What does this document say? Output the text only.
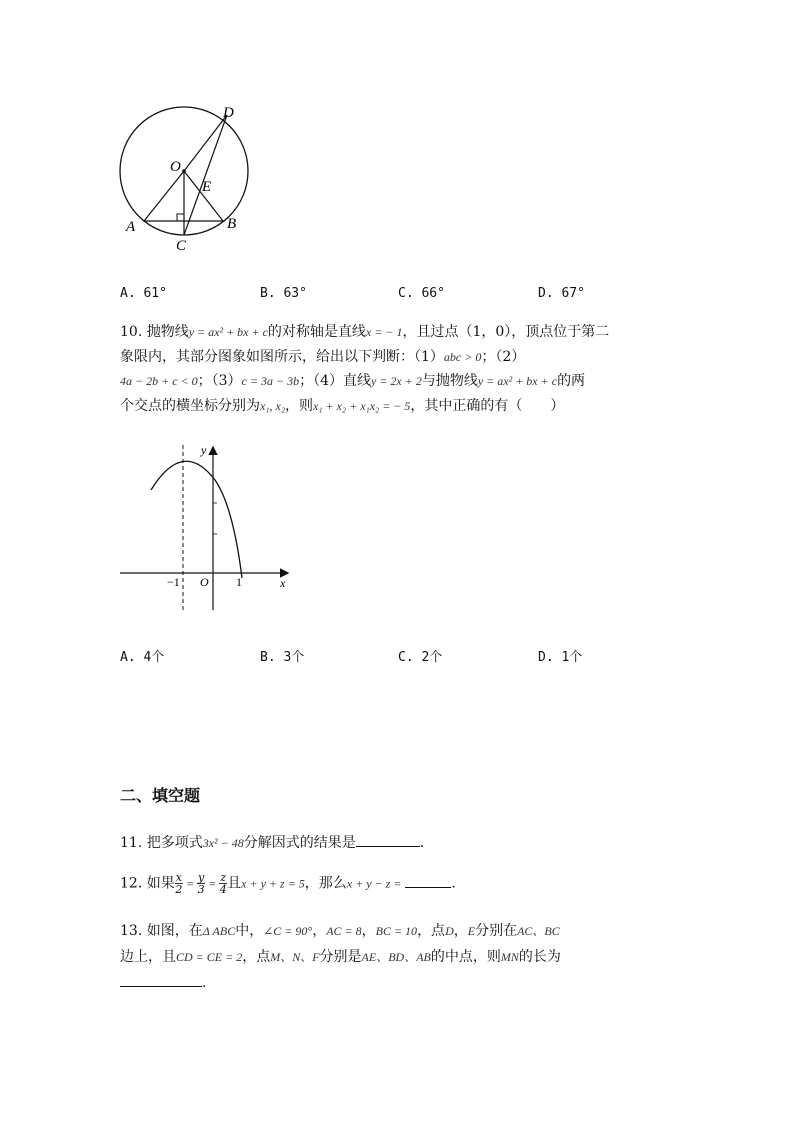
D
O
E
A	B
C
A. 61°	B. 63°	C. 66°	D. 67°
10. 抛物线y = ax² + bx + c的对称轴是直线x = − 1，且过点（1，0），顶点位于第二
象限内，其部分图象如图所示，给出以下判断：（1）abc > 0；（2）
4a − 2b + c < 0；（3）c = 3a − 3b；（4）直线y = 2x + 2与抛物线y = ax² + bx + c的两
个交点的横坐标分别为x₁, x₂，则x₁ + x₂ + x₁x₂ = − 5，其中正确的有（　　）
y
x
O
−1	1
A. 4个	B. 3个	C. 2个	D. 1个
二、填空题
11. 把多项式3x² − 48分解因式的结果是	.
12. 如果 $\frac{x}{2} = \frac{y}{3} = \frac{z}{4}$ 且x + y + z = 5，那么x + y − z =	.
13. 如图，在Δ ABC中，∠C = 90°，AC = 8，BC = 10，点D，E分别在AC、BC
边上，且CD = CE = 2，点M、N、F分别是AE、BD、AB的中点，则MN的长为
.
